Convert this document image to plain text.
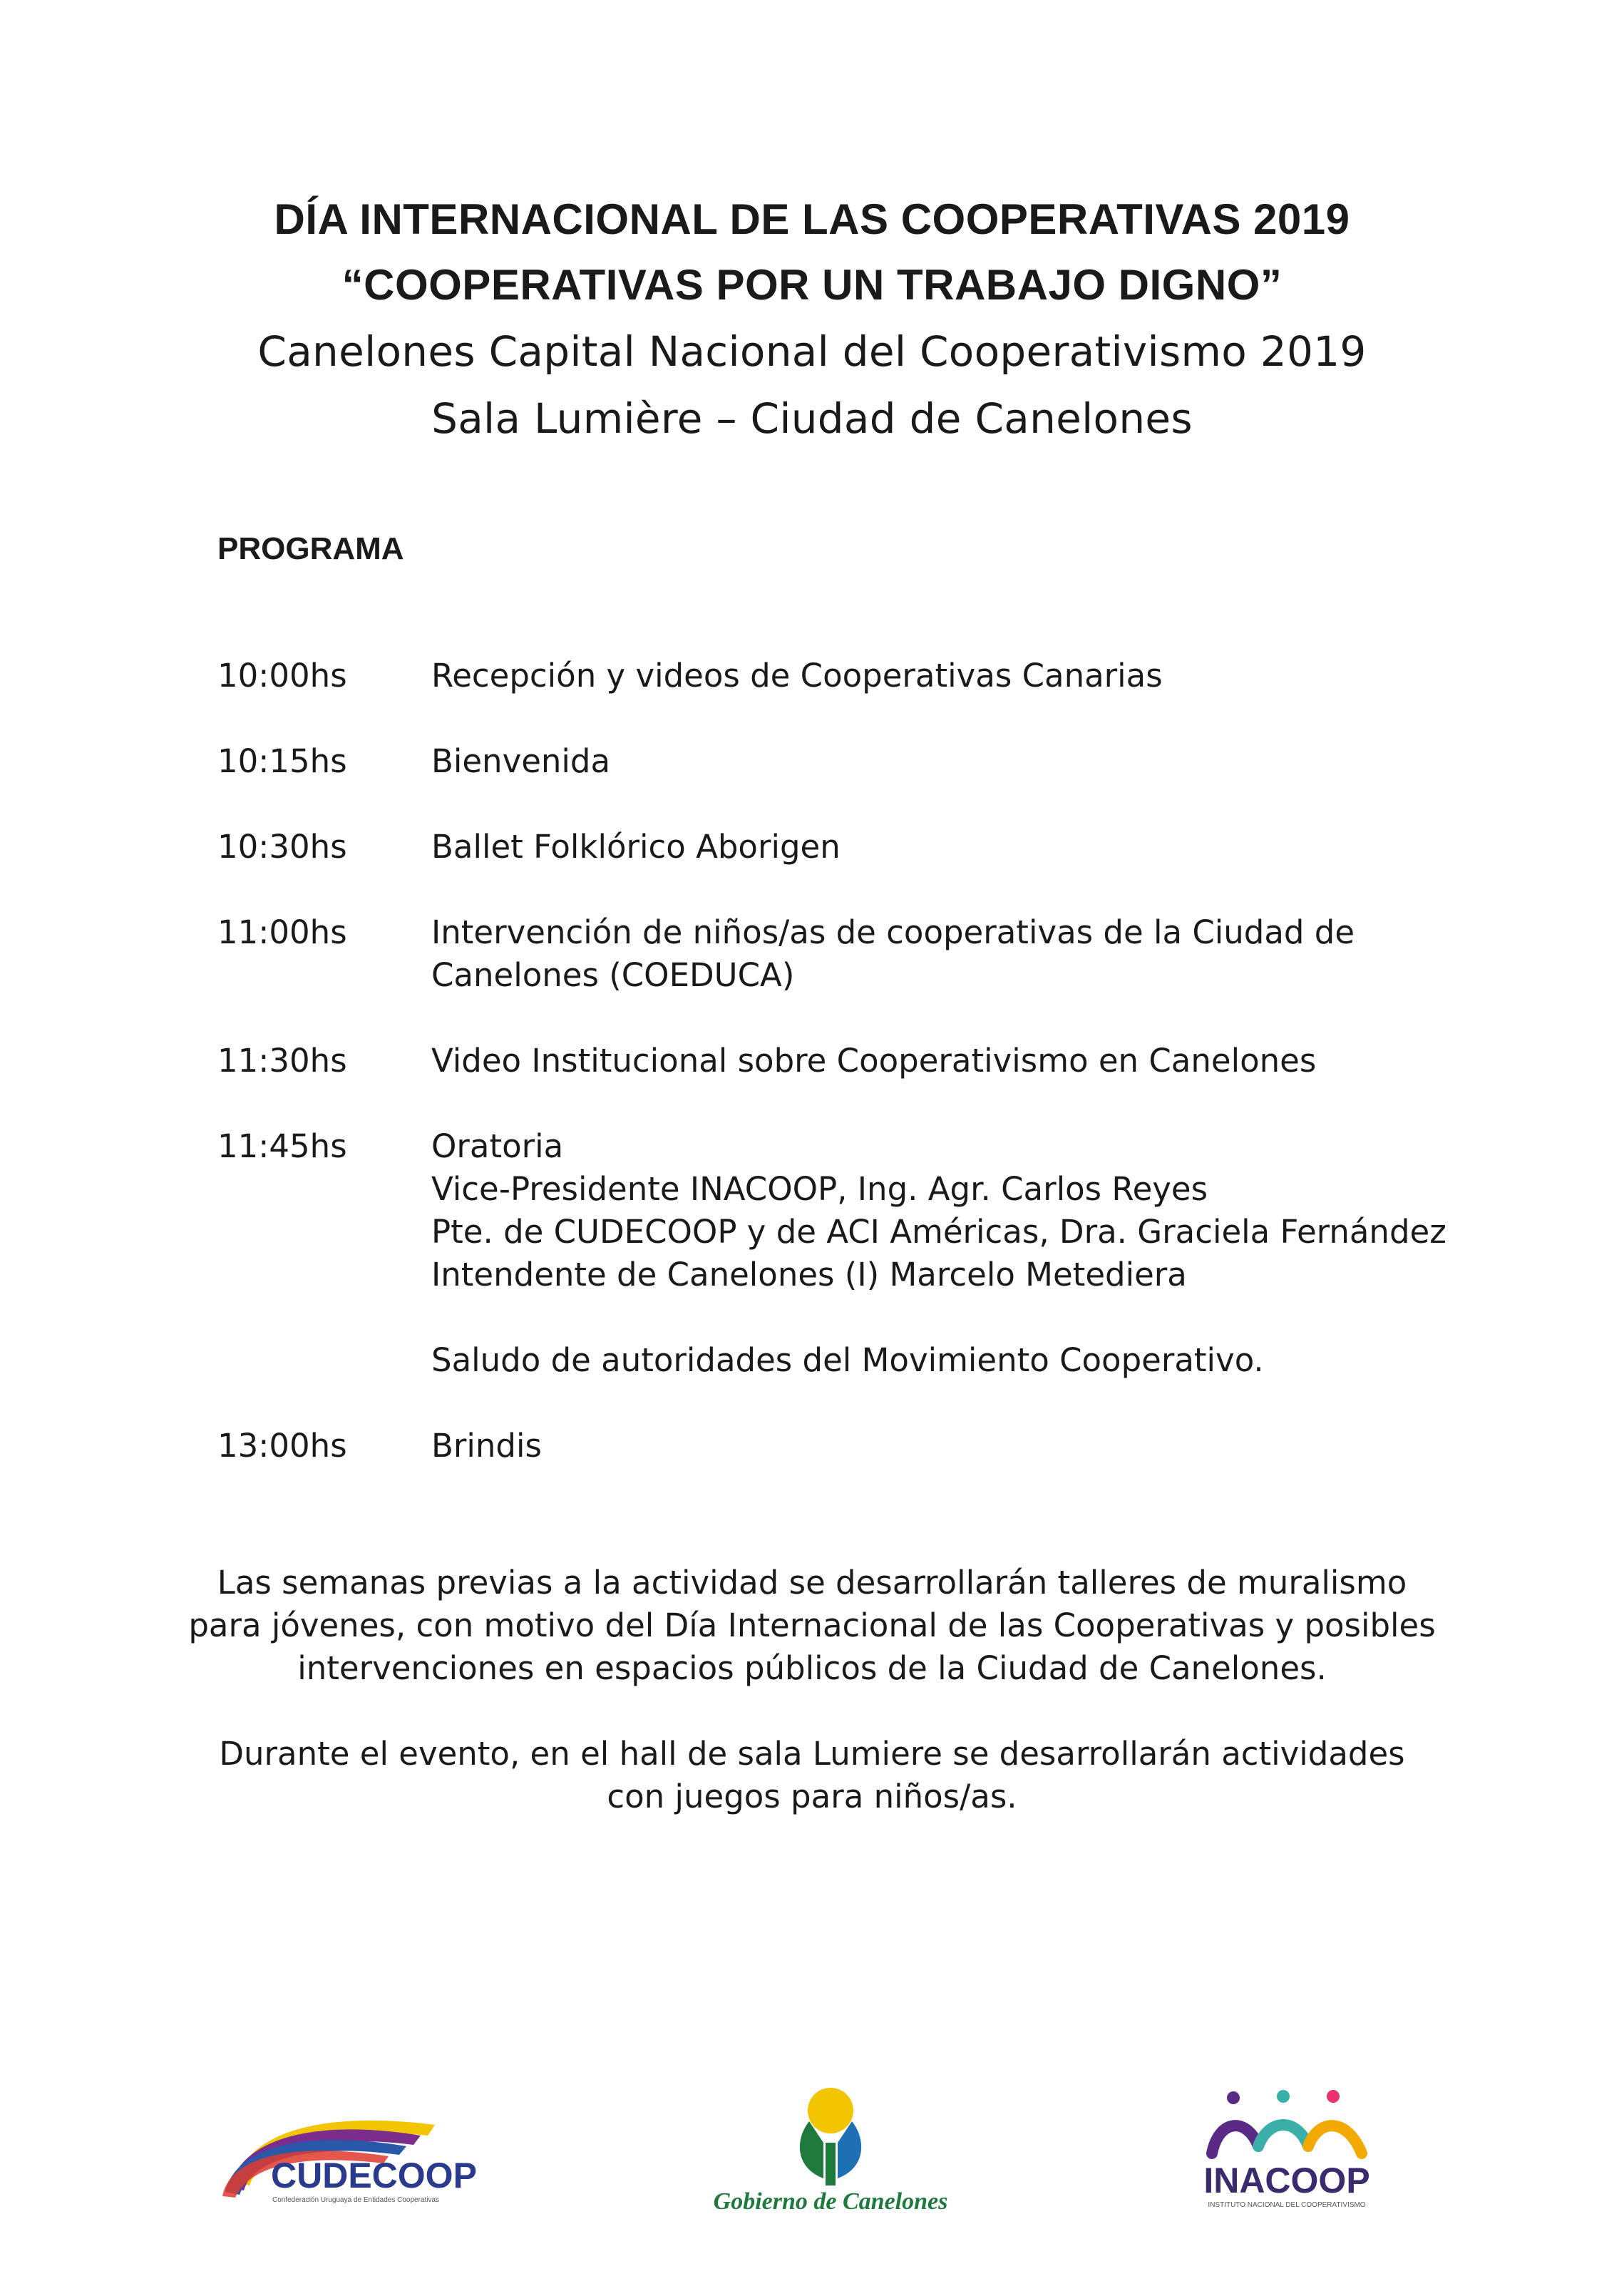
DÍA INTERNACIONAL DE LAS COOPERATIVAS 2019
“COOPERATIVAS POR UN TRABAJO DIGNO”
Canelones Capital Nacional del Cooperativismo 2019
Sala Lumière – Ciudad de Canelones
PROGRAMA
10:00hs	Recepción y videos de Cooperativas Canarias
10:15hs	Bienvenida
10:30hs	Ballet Folklórico Aborigen
11:00hs	Intervención de niños/as de cooperativas de la Ciudad de
Canelones (COEDUCA)
11:30hs	Video Institucional sobre Cooperativismo en Canelones
11:45hs	Oratoria
Vice-Presidente INACOOP, Ing. Agr. Carlos Reyes
Pte. de CUDECOOP y de ACI Américas, Dra. Graciela Fernández
Intendente de Canelones (I) Marcelo Metediera
Saludo de autoridades del Movimiento Cooperativo.
13:00hs	Brindis

Las semanas previas a la actividad se desarrollarán talleres de muralismo
para jóvenes, con motivo del Día Internacional de las Cooperativas y posibles
intervenciones en espacios públicos de la Ciudad de Canelones.

Durante el evento, en el hall de sala Lumiere se desarrollarán actividades
con juegos para niños/as.

CUDECOOP
Confederación Uruguaya de Entidades Cooperativas	Gobierno de Canelones
INACOOP
INSTITUTO NACIONAL DEL COOPERATIVISMO
